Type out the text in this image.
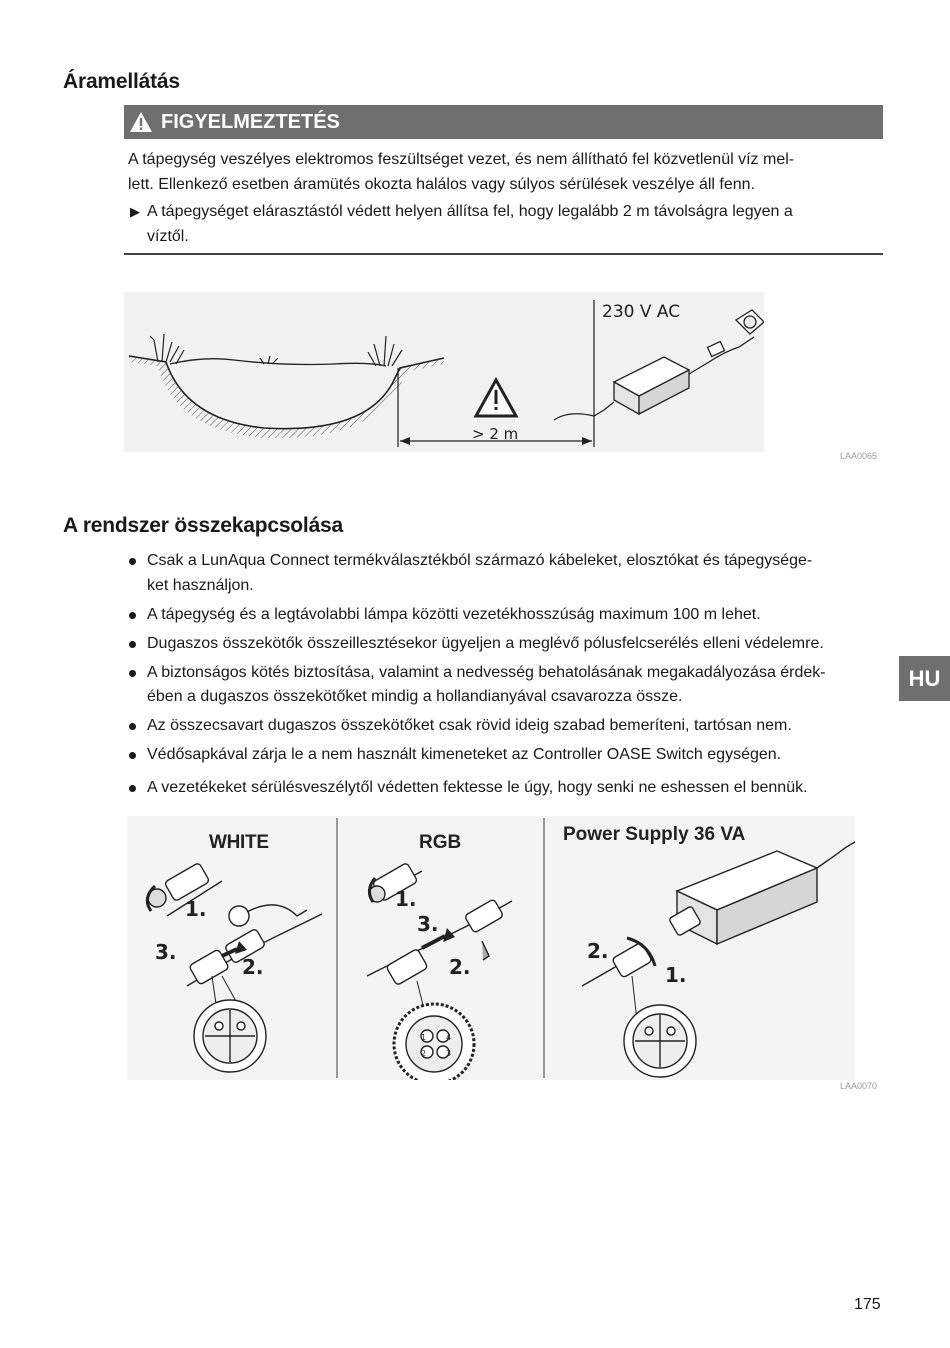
Áramellátás
FIGYELMEZTETÉS
A tápegység veszélyes elektromos feszültséget vezet, és nem állítható fel közvetlenül víz mel-
lett. Ellenkező esetben áramütés okozta halálos vagy súlyos sérülések veszélye áll fenn.
▶ A tápegységet elárasztástól védett helyen állítsa fel, hogy legalább 2 m távolságra legyen a
víztől.
> 2 m
230 V AC
LAA0065
A rendszer összekapcsolása
Csak a LunAqua Connect termékválasztékból származó kábeleket, elosztókat és tápegysége-
ket használjon.
A tápegység és a legtávolabbi lámpa közötti vezetékhosszúság maximum 100 m lehet.
Dugaszos összekötők összeillesztésekor ügyeljen a meglévő pólusfelcserélés elleni védelemre.
A biztonságos kötés biztosítása, valamint a nedvesség behatolásának megakadályozása érdek-
ében a dugaszos összekötőket mindig a hollandianyával csavarozza össze.
Az összecsavart dugaszos összekötőket csak rövid ideig szabad bemeríteni, tartósan nem.
Védősapkával zárja le a nem használt kimeneteket az Controller OASE Switch egységen.
A vezetékeket sérülésveszélytől védetten fektesse le úgy, hogy senki ne eshessen el bennük.
WHITE
1.
2.
3.
RGB
1.
2.
3.
1 4
2 3
Power Supply 36 VA
1.
2.
LAA0070
HU
175
